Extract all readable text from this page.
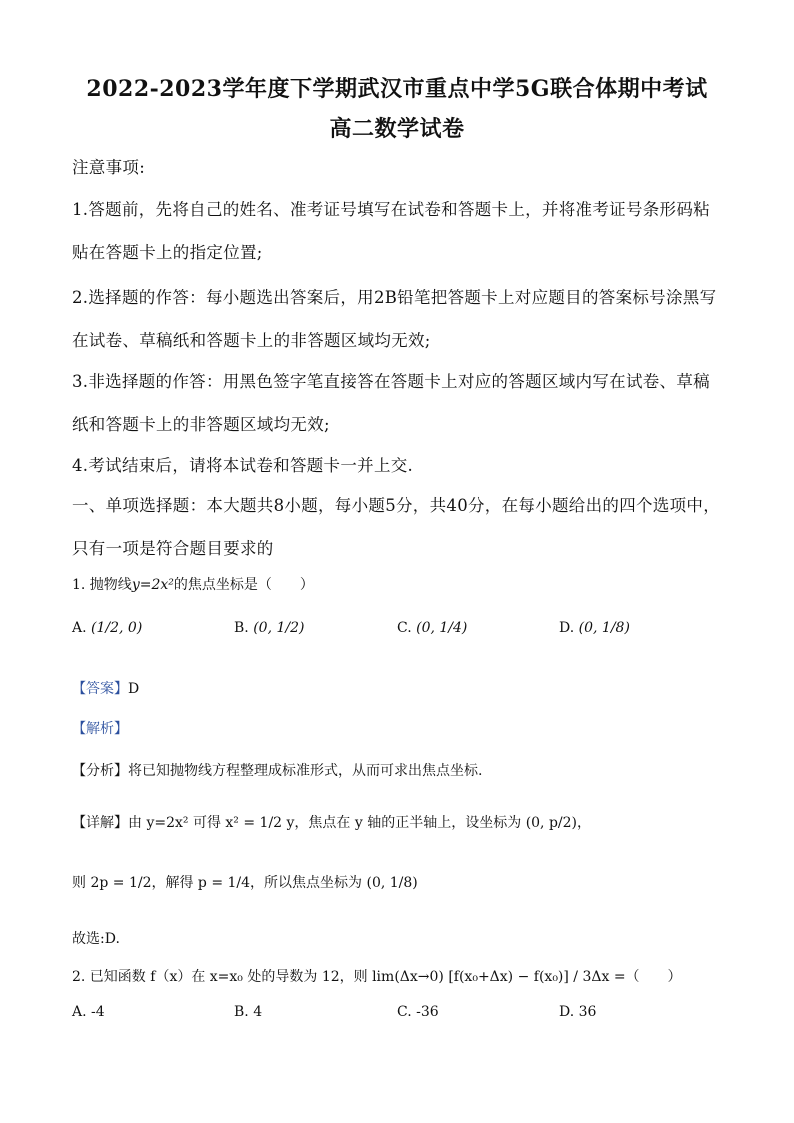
2022-2023学年度下学期武汉市重点中学5G联合体期中考试
高二数学试卷
注意事项:
1.答题前，先将自己的姓名、准考证号填写在试卷和答题卡上，并将准考证号条形码粘贴在答题卡上的指定位置;
2.选择题的作答：每小题选出答案后，用2B铅笔把答题卡上对应题目的答案标号涂黑写在试卷、草稿纸和答题卡上的非答题区域均无效;
3.非选择题的作答：用黑色签字笔直接答在答题卡上对应的答题区域内写在试卷、草稿纸和答题卡上的非答题区域均无效;
4.考试结束后，请将本试卷和答题卡一并上交.
一、单项选择题：本大题共8小题，每小题5分，共40分，在每小题给出的四个选项中，只有一项是符合题目要求的
1. 抛物线y=2x²的焦点坐标是（　　）
A. (1/2, 0)	B. (0, 1/2)	C. (0, 1/4)	D. (0, 1/8)
【答案】D
【解析】
【分析】将已知抛物线方程整理成标准形式，从而可求出焦点坐标.
【详解】由 y=2x² 可得 x² = 1/2 y，焦点在 y 轴的正半轴上，设坐标为 (0, p/2)，
则 2p = 1/2，解得 p = 1/4，所以焦点坐标为 (0, 1/8)
故选:D.
2. 已知函数 f（x）在 x=x₀ 处的导数为 12，则 lim(Δx→0) [f(x₀+Δx) − f(x₀)] / 3Δx =（　　）
A. -4	B. 4	C. -36	D. 36
